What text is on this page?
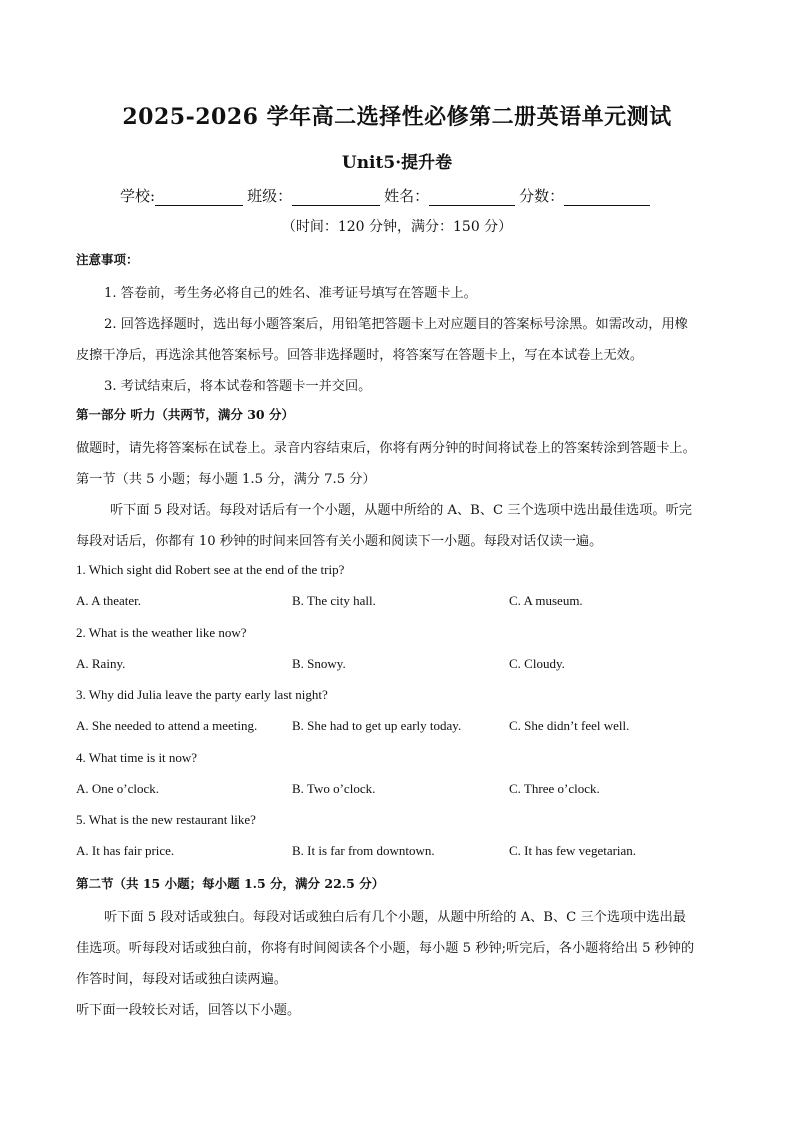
2025-2026 学年高二选择性必修第二册英语单元测试
Unit5·提升卷
学校:	班级：	姓名：	分数：
（时间：120 分钟，满分：150 分）
注意事项：
1. 答卷前，考生务必将自己的姓名、准考证号填写在答题卡上。
2. 回答选择题时，选出每小题答案后，用铅笔把答题卡上对应题目的答案标号涂黑。如需改动，用橡
皮擦干净后，再选涂其他答案标号。回答非选择题时，将答案写在答题卡上，写在本试卷上无效。
3. 考试结束后，将本试卷和答题卡一并交回。
第一部分 听力（共两节，满分 30 分）
做题时，请先将答案标在试卷上。录音内容结束后，你将有两分钟的时间将试卷上的答案转涂到答题卡上。
第一节（共 5 小题；每小题 1.5 分，满分 7.5 分）
听下面 5 段对话。每段对话后有一个小题，从题中所给的 A、B、C 三个选项中选出最佳选项。听完
每段对话后，你都有 10 秒钟的时间来回答有关小题和阅读下一小题。每段对话仅读一遍。
1. Which sight did Robert see at the end of the trip?
A. A theater.	B. The city hall.	C. A museum.
2. What is the weather like now?
A. Rainy.	B. Snowy.	C. Cloudy.
3. Why did Julia leave the party early last night?
A. She needed to attend a meeting.	B. She had to get up early today.	C. She didn’t feel well.
4. What time is it now?
A. One o’clock.	B. Two o’clock.	C. Three o’clock.
5. What is the new restaurant like?
A. It has fair price.	B. It is far from downtown.	C. It has few vegetarian.
第二节（共 15 小题；每小题 1.5 分，满分 22.5 分）
听下面 5 段对话或独白。每段对话或独白后有几个小题，从题中所给的 A、B、C 三个选项中选出最
佳选项。听每段对话或独白前，你将有时间阅读各个小题，每小题 5 秒钟;听完后，各小题将给出 5 秒钟的
作答时间，每段对话或独白读两遍。
听下面一段较长对话，回答以下小题。
